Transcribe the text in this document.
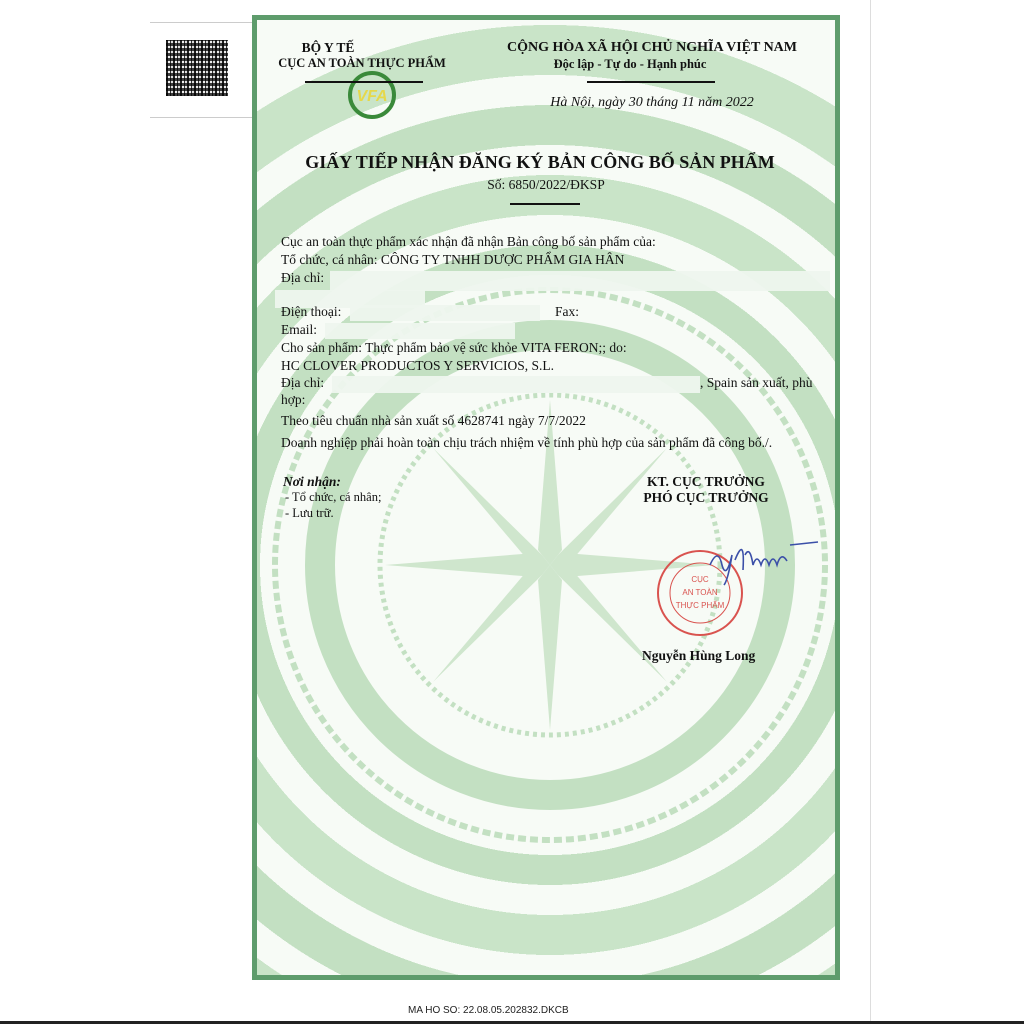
VFA
BỘ Y TẾ
CỤC AN TOÀN THỰC PHẨM
CỘNG HÒA XÃ HỘI CHỦ NGHĨA VIỆT NAM
Độc lập - Tự do - Hạnh phúc
Hà Nội, ngày 30 tháng 11 năm 2022
GIẤY TIẾP NHẬN ĐĂNG KÝ BẢN CÔNG BỐ SẢN PHẨM
Số: 6850/2022/ĐKSP
Cục an toàn thực phẩm xác nhận đã nhận Bản công bố sản phẩm của:
Tổ chức, cá nhân: CÔNG TY TNHH DƯỢC PHẨM GIA HÂN
Địa chỉ:
Điện thoại:	Fax:
Email:
Cho sản phẩm: Thực phẩm bảo vệ sức khỏe VITA FERON;; do:
HC CLOVER PRODUCTOS Y SERVICIOS, S.L.
Địa chỉ:	, Spain sản xuất, phù
hợp:
Theo tiêu chuẩn nhà sản xuất số 4628741 ngày 7/7/2022
Doanh nghiệp phải hoàn toàn chịu trách nhiệm về tính phù hợp của sản phẩm đã công bố./.
Nơi nhận:
- Tổ chức, cá nhân;
- Lưu trữ.
KT. CỤC TRƯỞNG
PHÓ CỤC TRƯỞNG
CỤC
AN TOÀN
THỰC PHẨM
Nguyễn Hùng Long
MA HO SO: 22.08.05.202832.DKCB
